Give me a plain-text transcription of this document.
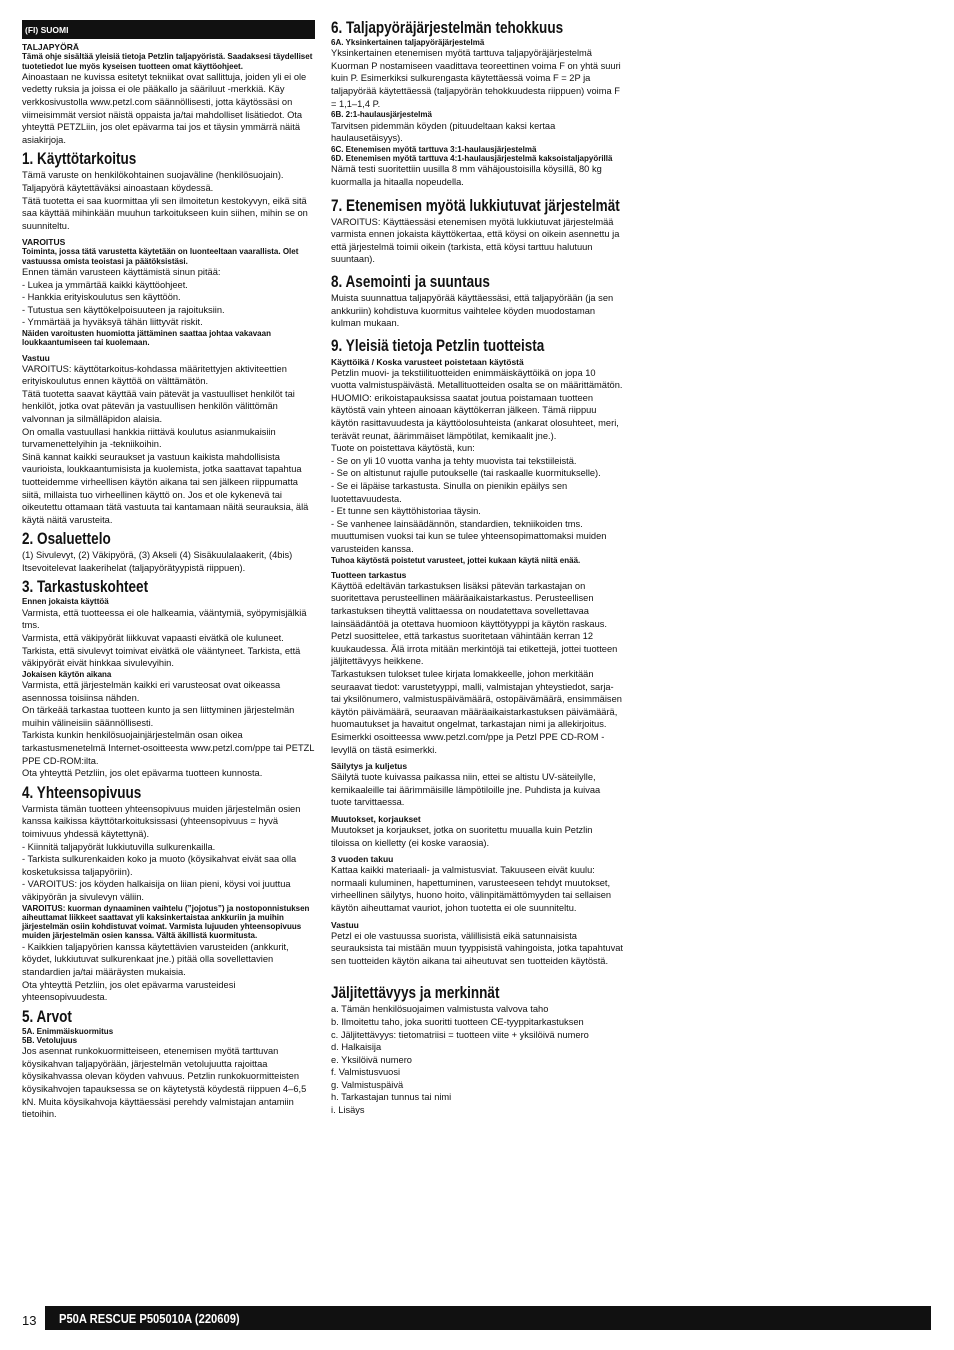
(FI) SUOMI
TALJAPYÖRÄ

Tämä ohje sisältää yleisiä tietoja Petzlin taljapyöristä. Saadaksesi täydelliset tuotetiedot lue myös kyseisen tuotteen omat käyttöohjeet.

Ainoastaan ne kuvissa esitetyt tekniikat ovat sallittuja, joiden yli ei ole vedetty ruksia ja joissa ei ole pääkallo ja sääriluut -merkkiä. Käy verkkosivustolla www.petzl.com säännöllisesti, jotta käytössäsi on viimeisimmät versiot näistä oppaista ja/tai mahdolliset lisätiedot. Ota yhteyttä PETZLiin, jos olet epävarma tai jos et täysin ymmärrä näitä asiakirjoja.

1. Käyttötarkoitus

Tämä varuste on henkilökohtainen suojaväline (henkilösuojain). Taljapyörä käytettäväksi ainoastaan köydessä.

Tätä tuotetta ei saa kuormittaa yli sen ilmoitetun kestokyvyn, eikä sitä saa käyttää mihinkään muuhun tarkoitukseen kuin siihen, mihin se on suunniteltu.

VAROITUS

Toiminta, jossa tätä varustetta käytetään on luonteeltaan vaarallista. Olet vastuussa omista teoistasi ja päätöksistäsi.

Ennen tämän varusteen käyttämistä sinun pitää:

- Lukea ja ymmärtää kaikki käyttöohjeet.

- Hankkia erityiskoulutus sen käyttöön.

- Tutustua sen käyttökelpoisuuteen ja rajoituksiin.

- Ymmärtää ja hyväksyä tähän liittyvät riskit.

Näiden varoitusten huomiotta jättäminen saattaa johtaa vakavaan loukkaantumiseen tai kuolemaan.

Vastuu

VAROITUS: käyttötarkoitus-kohdassa määritettyjen aktiviteettien erityiskoulutus ennen käyttöä on välttämätön.

Tätä tuotetta saavat käyttää vain pätevät ja vastuulliset henkilöt tai henkilöt, jotka ovat pätevän ja vastuullisen henkilön välittömän valvonnan ja silmälläpidon alaisia.

On omalla vastuullasi hankkia riittävä koulutus asianmukaisiin turvamenettelyihin ja -tekniikoihin.

Sinä kannat kaikki seuraukset ja vastuun kaikista mahdollisista vaurioista, loukkaantumisista ja kuolemista, jotka saattavat tapahtua tuotteidemme virheellisen käytön aikana tai sen jälkeen riippumatta siitä, millaista tuo virheellinen käyttö on. Jos et ole kykenevä tai oikeutettu ottamaan tätä vastuuta tai kantamaan näitä seurauksia, älä käytä näitä varusteita.

2. Osaluettelo

(1) Sivulevyt, (2) Väkipyörä, (3) Akseli (4) Sisäkuulalaakerit, (4bis) Itsevoitelevat laakerihelat (taljapyörätyypistä riippuen).

3. Tarkastuskohteet
Ennen jokaista käyttöä

Varmista, että tuotteessa ei ole halkeamia, vääntymiä, syöpymisjälkiä tms.

Varmista, että väkipyörät liikkuvat vapaasti eivätkä ole kuluneet. Tarkista, että sivulevyt toimivat eivätkä ole vääntyneet. Tarkista, että väkipyörät eivät hinkkaa sivulevyihin.

Jokaisen käytön aikana

Varmista, että järjestelmän kaikki eri varusteosat ovat oikeassa asennossa toisiinsa nähden.

On tärkeää tarkastaa tuotteen kunto ja sen liittyminen järjestelmän muihin välineisiin säännöllisesti.

Tarkista kunkin henkilösuojainjärjestelmän osan oikea tarkastusmenetelmä Internet-osoitteesta www.petzl.com/ppe tai PETZL PPE CD-ROM:ilta.

Ota yhteyttä Petzliin, jos olet epävarma tuotteen kunnosta.

4. Yhteensopivuus

Varmista tämän tuotteen yhteensopivuus muiden järjestelmän osien kanssa kaikissa käyttötarkoituksissasi (yhteensopivuus = hyvä toimivuus yhdessä käytettynä).

- Kiinnitä taljapyörät lukkiutuvilla sulkurenkailla.

- Tarkista sulkurenkaiden koko ja muoto (köysikahvat eivät saa olla kosketuksissa taljapyöriin).

- VAROITUS: jos köyden halkaisija on liian pieni, köysi voi juuttua väkipyörän ja sivulevyn väliin.

VAROITUS: kuorman dynaaminen vaihtelu (”jojotus”) ja nostoponnistuksen aiheuttamat liikkeet saattavat yli kaksinkertaistaa ankkuriin ja muihin järjestelmän osiin kohdistuvat voimat. Varmista lujuuden yhteensopivuus muiden järjestelmän osien kanssa. Vältä äkillistä kuormitusta.

- Kaikkien taljapyörien kanssa käytettävien varusteiden (ankkurit, köydet, lukkiutuvat sulkurenkaat jne.) pitää olla sovellettavien standardien ja/tai määräysten mukaisia.

Ota yhteyttä Petzliin, jos olet epävarma varusteidesi yhteensopivuudesta.

5. Arvot
5A. Enimmäiskuormitus
5B. Vetolujuus

Jos asennat runkokuormitteiseen, etenemisen myötä tarttuvan köysikahvan taljapyörään, järjestelmän vetolujuutta rajoittaa köysikahvassa olevan köyden vahvuus. Petzlin runkokuormitteisten köysikahvojen tapauksessa se on käytetystä köydestä riippuen 4–6,5 kN. Muita köysikahvoja käyttäessäsi perehdy valmistajan antamiin tietoihin.

6. Taljapyöräjärjestelmän tehokkuus
6A. Yksinkertainen taljapyöräjärjestelmä

Yksinkertainen etenemisen myötä tarttuva taljapyöräjärjestelmä Kuorman P nostamiseen vaadittava teoreettinen voima F on yhtä suuri kuin P. Esimerkiksi sulkurengasta käytettäessä voima F = 2P ja taljapyörää käytettäessä (taljapyörän tehokkuudesta riippuen) voima F = 1,1–1,4 P.

6B. 2:1-haulausjärjestelmä

Tarvitsen pidemmän köyden (pituudeltaan kaksi kertaa haulausetäisyys).

6C. Etenemisen myötä tarttuva 3:1-haulausjärjestelmä
6D. Etenemisen myötä tarttuva 4:1-haulausjärjestelmä kaksoistaljapyörillä

Nämä testi suoritettiin uusilla 8 mm vähäjoustoisilla köysillä, 80 kg kuormalla ja hitaalla nopeudella.

7. Etenemisen myötä lukkiutuvat järjestelmät

VAROITUS: Käyttäessäsi etenemisen myötä lukkiutuvat järjestelmää varmista ennen jokaista käyttökertaa, että köysi on oikein asennettu ja että järjestelmä toimii oikein (tarkista, että köysi tarttuu halutuun suuntaan).

8. Asemointi ja suuntaus

Muista suunnattua taljapyörää käyttäessäsi, että taljapyörään (ja sen ankkuriin) kohdistuva kuormitus vaihtelee köyden muodostaman kulman mukaan.

9. Yleisiä tietoja Petzlin tuotteista
Käyttöikä / Koska varusteet poistetaan käytöstä

Petzlin muovi- ja tekstiilituotteiden enimmäiskäyttöikä on jopa 10 vuotta valmistuspäivästä. Metallituotteiden osalta se on määrittämätön.

HUOMIO: erikoistapauksissa saatat joutua poistamaan tuotteen käytöstä vain yhteen ainoaan käyttökerran jälkeen. Tämä riippuu käytön rasittavuudesta ja käyttöolosuhteista (ankarat olosuhteet, meri, terävät reunat, äärimmäiset lämpötilat, kemikaalit jne.).

Tuote on poistettava käytöstä, kun:

- Se on yli 10 vuotta vanha ja tehty muovista tai tekstiileistä.

- Se on altistunut rajulle putoukselle (tai raskaalle kuormitukselle).

- Se ei läpäise tarkastusta. Sinulla on pienikin epäilys sen luotettavuudesta.

- Et tunne sen käyttöhistoriaa täysin.

- Se vanhenee lainsäädännön, standardien, tekniikoiden tms. muuttumisen vuoksi tai kun se tulee yhteensopimattomaksi muiden varusteiden kanssa.

Tuhoa käytöstä poistetut varusteet, jottei kukaan käytä niitä enää.

Tuotteen tarkastus

Käyttöä edeltävän tarkastuksen lisäksi pätevän tarkastajan on suoritettava perusteellinen määräaikaistarkastus. Perusteellisen tarkastuksen tiheyttä valittaessa on noudatettava sovellettavaa lainsäädäntöä ja otettava huomioon käyttötyyppi ja käytön raskaus. Petzl suosittelee, että tarkastus suoritetaan vähintään kerran 12 kuukaudessa. Älä irrota mitään merkintöjä tai etikettejä, jottei tuotteen jäljitettävyys heikkene.

Tarkastuksen tulokset tulee kirjata lomakkeelle, johon merkitään seuraavat tiedot: varustetyyppi, malli, valmistajan yhteystiedot, sarja- tai yksilönumero, valmistuspäivämäärä, ostopäivämäärä, ensimmäisen käytön päivämäärä, seuraavan määräaikaistarkastuksen päivämäärä, huomautukset ja havaitut ongelmat, tarkastajan nimi ja allekirjoitus. Esimerkki osoitteessa www.petzl.com/ppe ja Petzl PPE CD-ROM -levyllä on tästä esimerkki.

Säilytys ja kuljetus

Säilytä tuote kuivassa paikassa niin, ettei se altistu UV-säteilylle, kemikaaleille tai äärimmäisille lämpötiloille jne. Puhdista ja kuivaa tuote tarvittaessa.

Muutokset, korjaukset

Muutokset ja korjaukset, jotka on suoritettu muualla kuin Petzlin tiloissa on kielletty (ei koske varaosia).

3 vuoden takuu

Kattaa kaikki materiaali- ja valmistusviat. Takuuseen eivät kuulu: normaali kuluminen, hapettuminen, varusteeseen tehdyt muutokset, virheellinen säilytys, huono hoito, välinpitämättömyyden tai sellaisen käytön aiheuttamat vauriot, johon tuotetta ei ole suunniteltu.

Vastuu

Petzl ei ole vastuussa suorista, välillisistä eikä satunnaisista seurauksista tai mistään muun tyyppisistä vahingoista, jotka tapahtuvat sen tuotteiden käytön aikana tai aiheutuvat sen tuotteiden käytöstä.

Jäljitettävyys ja merkinnät

a. Tämän henkilösuojaimen valmistusta valvova taho

b. Ilmoitettu taho, joka suoritti tuotteen CE-tyyppitarkastuksen

c. Jäljitettävyys: tietomatriisi = tuotteen viite + yksilöivä numero

d. Halkaisija

e. Yksilöivä numero

f. Valmistusvuosi

g. Valmistuspäivä

h. Tarkastajan tunnus tai nimi

i. Lisäys

13 P50A RESCUE P505010A (220609)
